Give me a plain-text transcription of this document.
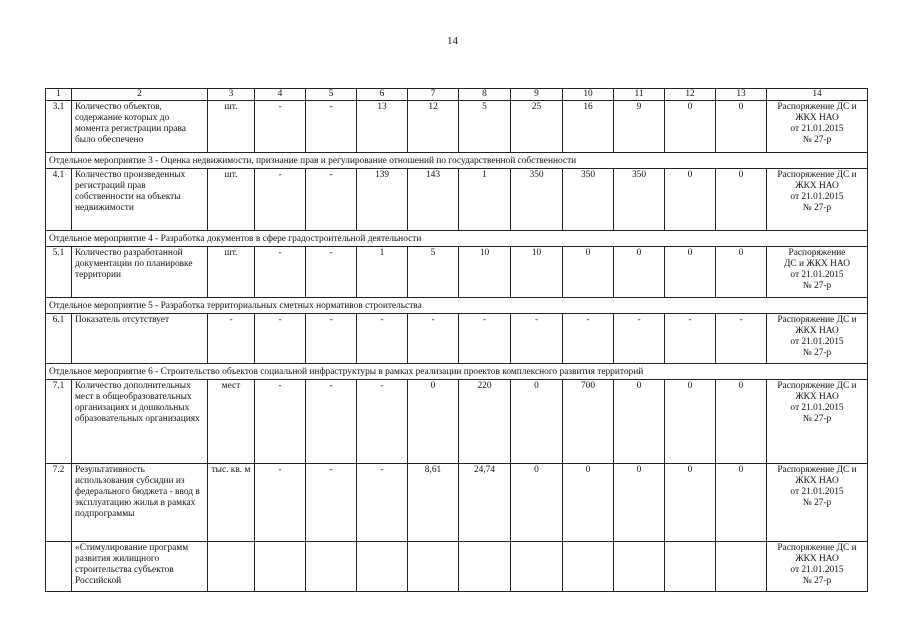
14
1	2	3	4	5	6	7	8	9	10	11	12	13	14
3.1	Количество объектов, содержание которых до момента регистрации права было обеспечено	шт.	-	-	13	12	5	25	16	9	0	0	Распоряжение ДС и
ЖКХ НАО
от 21.01.2015
№ 27-р

Отдельное мероприятие 3 - Оценка недвижимости, признание прав и регулирование отношений по государственной собственности													
4.1	Количество произведенных регистраций прав собственности на объекты недвижимости	шт.	-	-	139	143	1	350	350	350	0	0	Распоряжение ДС и
ЖКХ НАО
от 21.01.2015
№ 27-р

Отдельное мероприятие 4 - Разработка документов в сфере градостроительной деятельности													
5.1	Количество разработанной документации по планировке территории	шт.	-	-	1	5	10	10	0	0	0	0	Распоряжение
ДС и ЖКХ НАО
от 21.01.2015
№ 27-р

Отдельное мероприятие 5 - Разработка территориальных сметных нормативов строительства													
6.1	Показатель отсутствует	-	-	-	-	-	-	-	-	-	-	-	Распоряжение ДС и
ЖКХ НАО
от 21.01.2015
№ 27-р

Отдельное мероприятие 6 - Строительство объектов социальной инфраструктуры в рамках реализации проектов комплексного развития территорий													
7.1	Количество дополнительных мест в общеобразовательных организациях и дошкольных образовательных организациях	мест	-	-	-	0	220	0	700	0	0	0	Распоряжение ДС и
ЖКХ НАО
от 21.01.2015
№ 27-р

7.2	Результативность использования субсидии из федерального бюджета - ввод в эксплуатацию жилья в рамках подпрограммы	тыс. кв. м	-	-	-	8,61	24,74	0	0	0	0	0	Распоряжение ДС и
ЖКХ НАО
от 21.01.2015
№ 27-р

	«Стимулирование программ развития жилищного строительства субъектов Российской												Распоряжение ДС и
ЖКХ НАО
от 21.01.2015
№ 27-р
